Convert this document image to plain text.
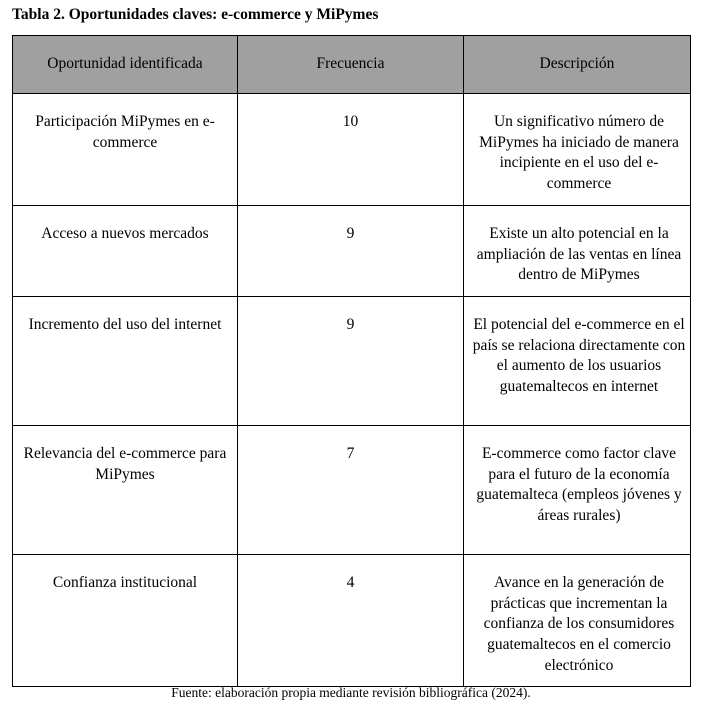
Tabla 2. Oportunidades claves: e-commerce y MiPymes
Oportunidad identificada	Frecuencia	Descripción
Participación MiPymes en e-commerce	10	Un significativo número de MiPymes ha iniciado de manera incipiente en el uso del e-commerce
Acceso a nuevos mercados	9	Existe un alto potencial en la ampliación de las ventas en línea dentro de MiPymes
Incremento del uso del internet	9	El potencial del e-commerce en el país se relaciona directamente con el aumento de los usuarios guatemaltecos en internet
Relevancia del e-commerce para MiPymes	7	E-commerce como factor clave para el futuro de la economía guatemalteca (empleos jóvenes y áreas rurales)
Confianza institucional	4	Avance en la generación de prácticas que incrementan la confianza de los consumidores guatemaltecos en el comercio electrónico
Fuente: elaboración propia mediante revisión bibliográfica (2024).
